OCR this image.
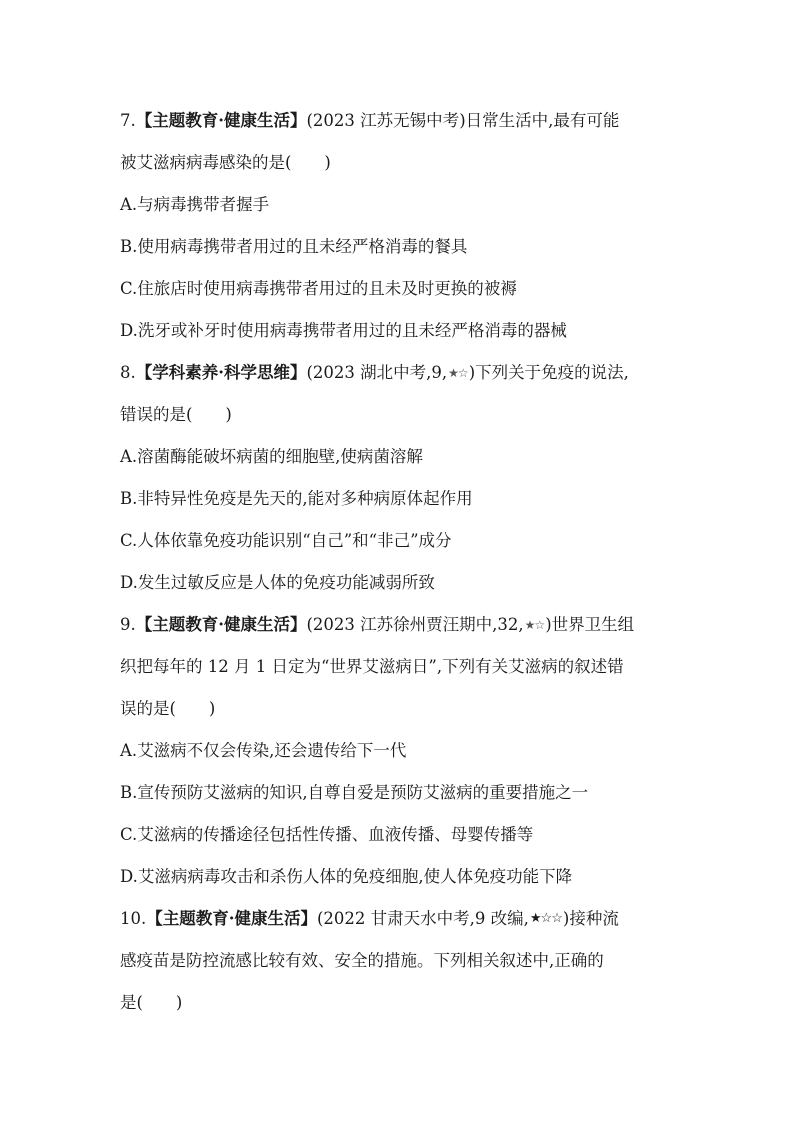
7. 【主题教育·健康生活】 (2023 江苏无锡中考 ) 日常生活中,最有可能
被艾滋病病毒感染的是(　　)
A.与病毒携带者握手
B.使用病毒携带者用过的且未经严格消毒的餐具
C.住旅店时使用病毒携带者用过的且未及时更换的被褥
D.洗牙或补牙时使用病毒携带者用过的且未经严格消毒的器械
8. 【学科素养·科学思维】 (2023 湖北中考,9, ★☆ ) 下列关于免疫的说法,
错误的是(　　)
A.溶菌酶能破坏病菌的细胞壁,使病菌溶解
B.非特异性免疫是先天的,能对多种病原体起作用
C.人体依靠免疫功能识别“自己”和“非己”成分
D.发生过敏反应是人体的免疫功能减弱所致
9. 【主题教育·健康生活】 (2023 江苏徐州贾汪期中,32, ★☆ ) 世界卫生组
织把每年的 12 月 1 日定为“世界艾滋病日”,下列有关艾滋病的叙述错
误的是(　　)
A.艾滋病不仅会传染,还会遗传给下一代
B.宣传预防艾滋病的知识,自尊自爱是预防艾滋病的重要措施之一
C.艾滋病的传播途径包括性传播、血液传播、母婴传播等
D.艾滋病病毒攻击和杀伤人体的免疫细胞,使人体免疫功能下降
10. 【主题教育·健康生活】 (2022 甘肃天水中考,9 改编, ★☆☆ ) 接种流
感疫苗是防控流感比较有效、安全的措施。下列相关叙述中,正确的
是(　　)
